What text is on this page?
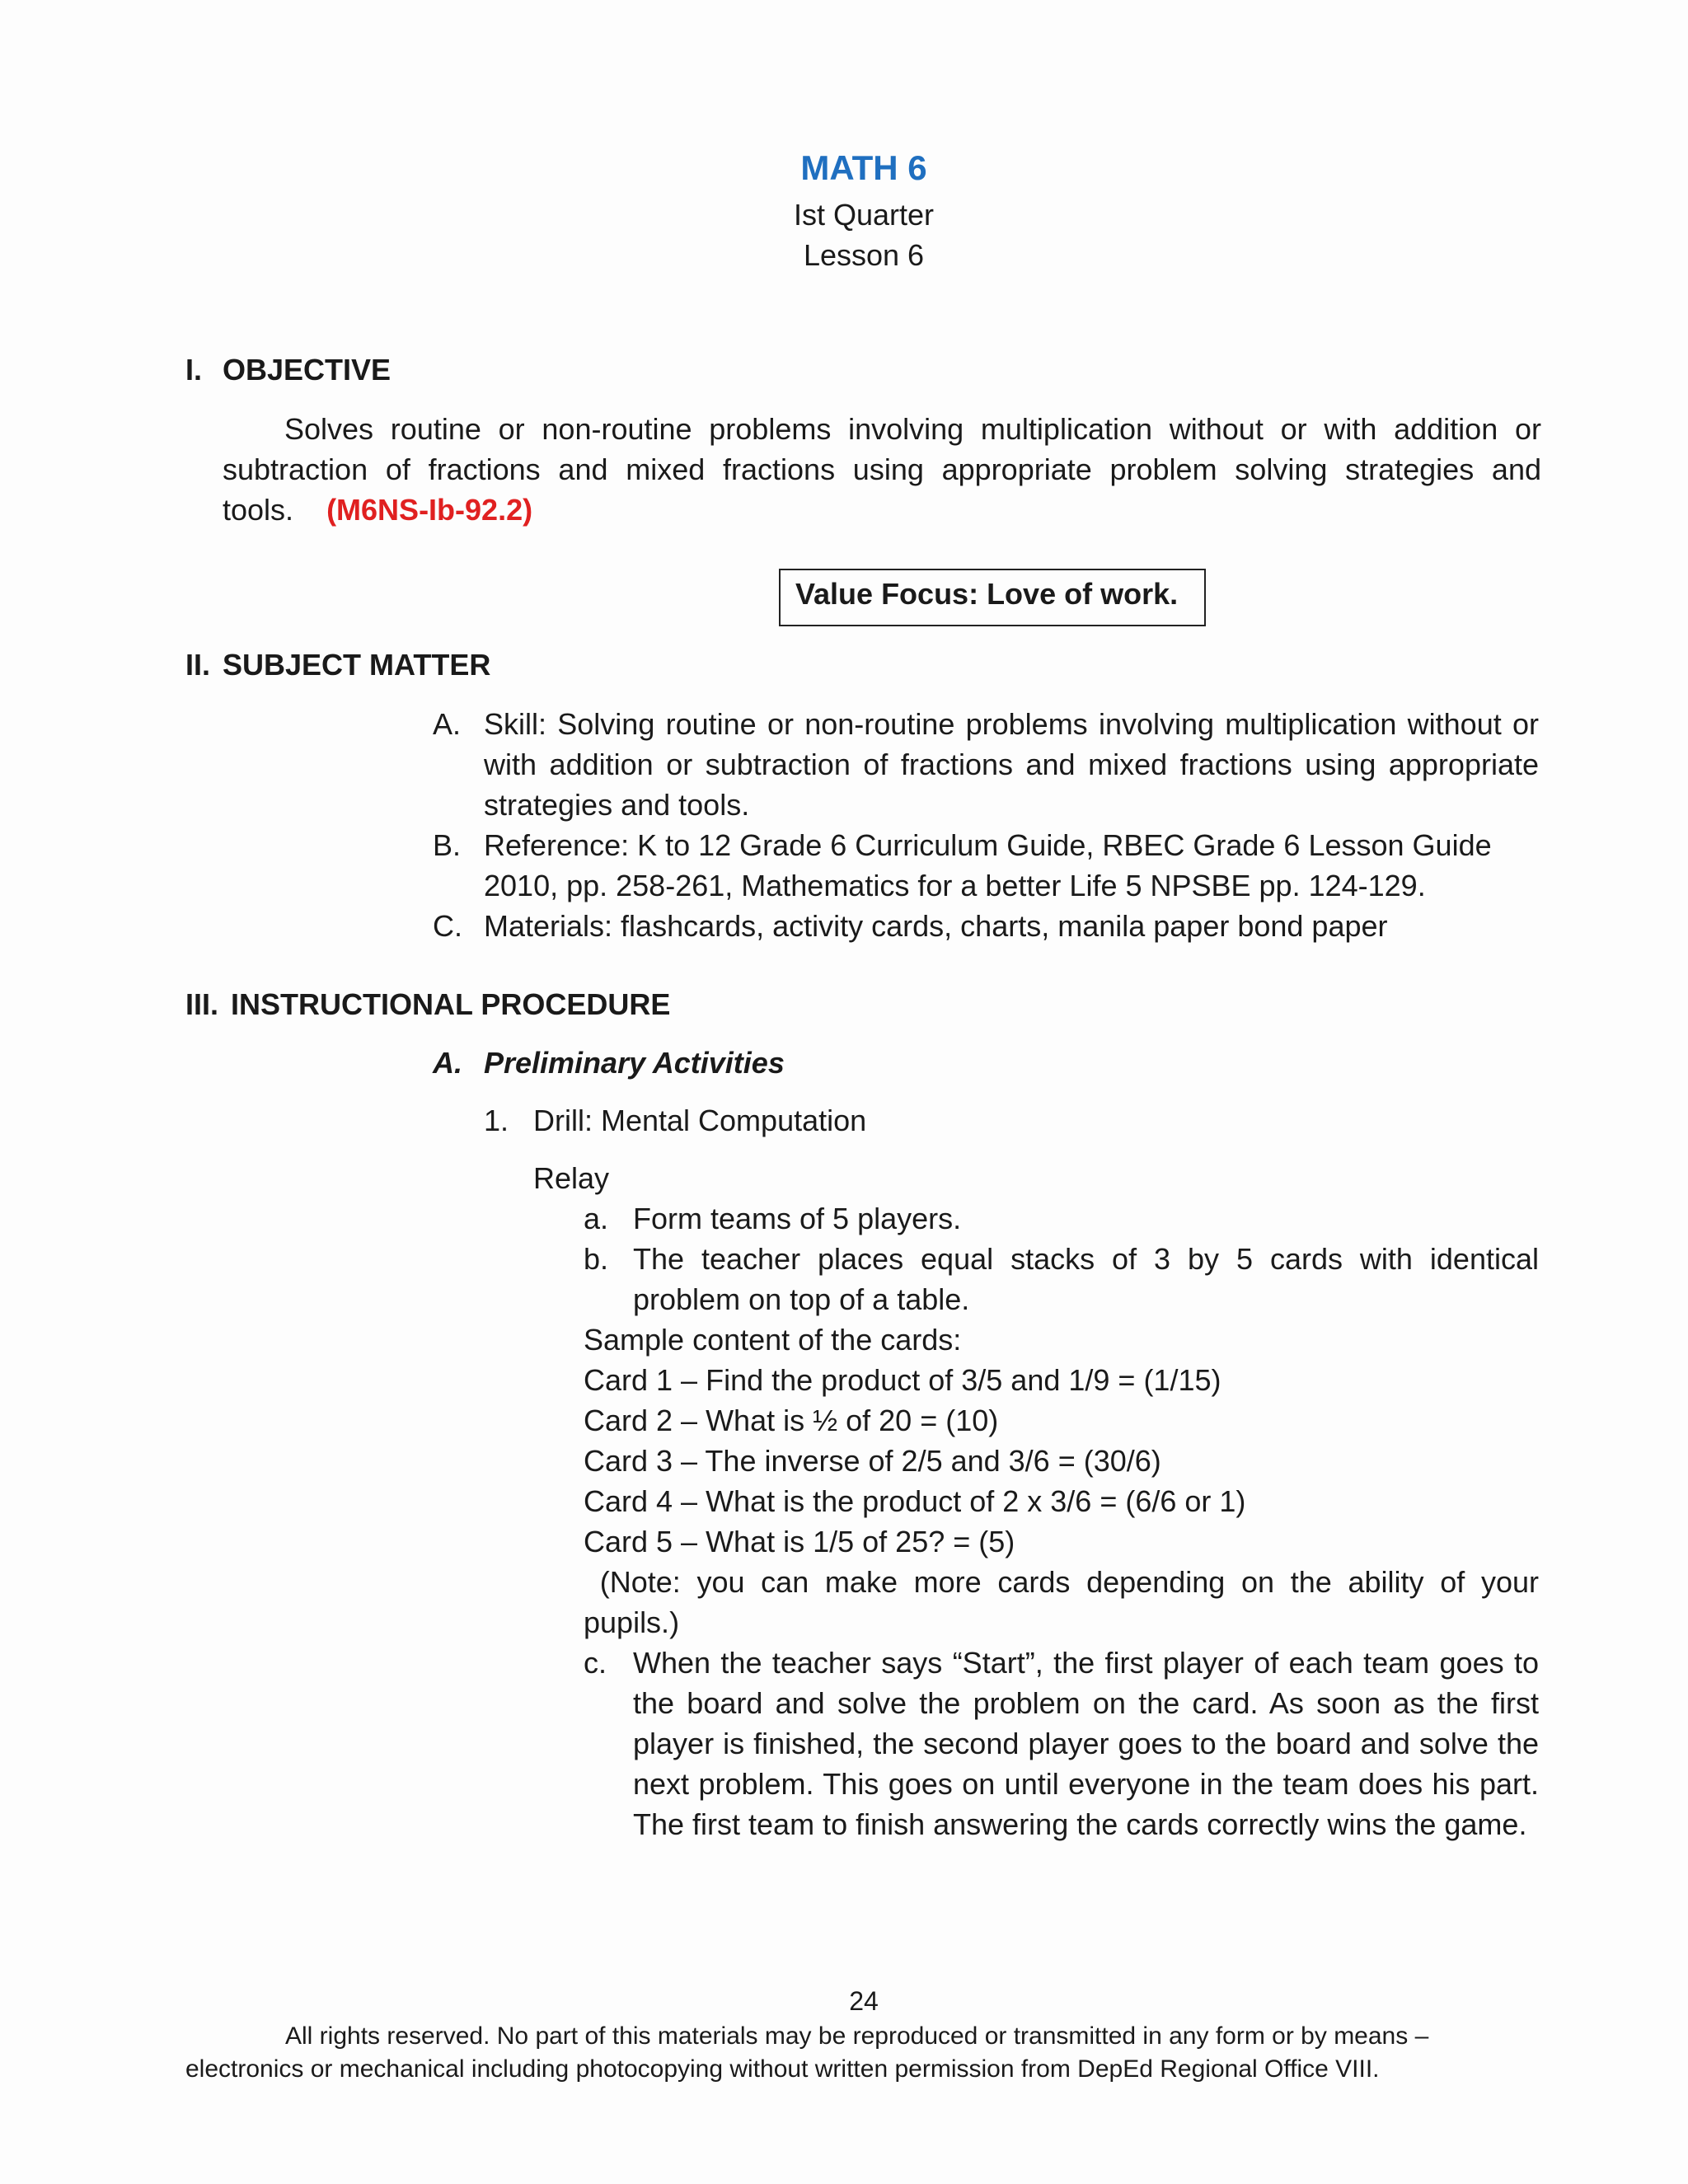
MATH 6
Ist Quarter
Lesson 6
I. OBJECTIVE
Solves routine or non-routine problems involving multiplication without or with addition or subtraction of fractions and mixed fractions using appropriate problem solving strategies and tools. (M6NS-Ib-92.2)
Value Focus: Love of work.
II. SUBJECT MATTER
A. Skill: Solving routine or non-routine problems involving multiplication without or with addition or subtraction of fractions and mixed fractions using appropriate strategies and tools.
B. Reference: K to 12 Grade 6 Curriculum Guide, RBEC Grade 6 Lesson Guide 2010, pp. 258-261, Mathematics for a better Life 5 NPSBE pp. 124-129.
C. Materials: flashcards, activity cards, charts, manila paper bond paper
III. INSTRUCTIONAL PROCEDURE
A. Preliminary Activities
1. Drill: Mental Computation
Relay
a. Form teams of 5 players.
b. The teacher places equal stacks of 3 by 5 cards with identical problem on top of a table.
Sample content of the cards:
Card 1 – Find the product of 3/5 and 1/9 = (1/15)
Card 2 – What is ½ of 20 = (10)
Card 3 – The inverse of 2/5 and 3/6 = (30/6)
Card 4 – What is the product of 2 x 3/6 = (6/6 or 1)
Card 5 – What is 1/5 of 25? = (5)
(Note: you can make more cards depending on the ability of your pupils.)
c. When the teacher says “Start”, the first player of each team goes to the board and solve the problem on the card. As soon as the first player is finished, the second player goes to the board and solve the next problem. This goes on until everyone in the team does his part. The first team to finish answering the cards correctly wins the game.
24
All rights reserved. No part of this materials may be reproduced or transmitted in any form or by means –
electronics or mechanical including photocopying without written permission from DepEd Regional Office VIII.
